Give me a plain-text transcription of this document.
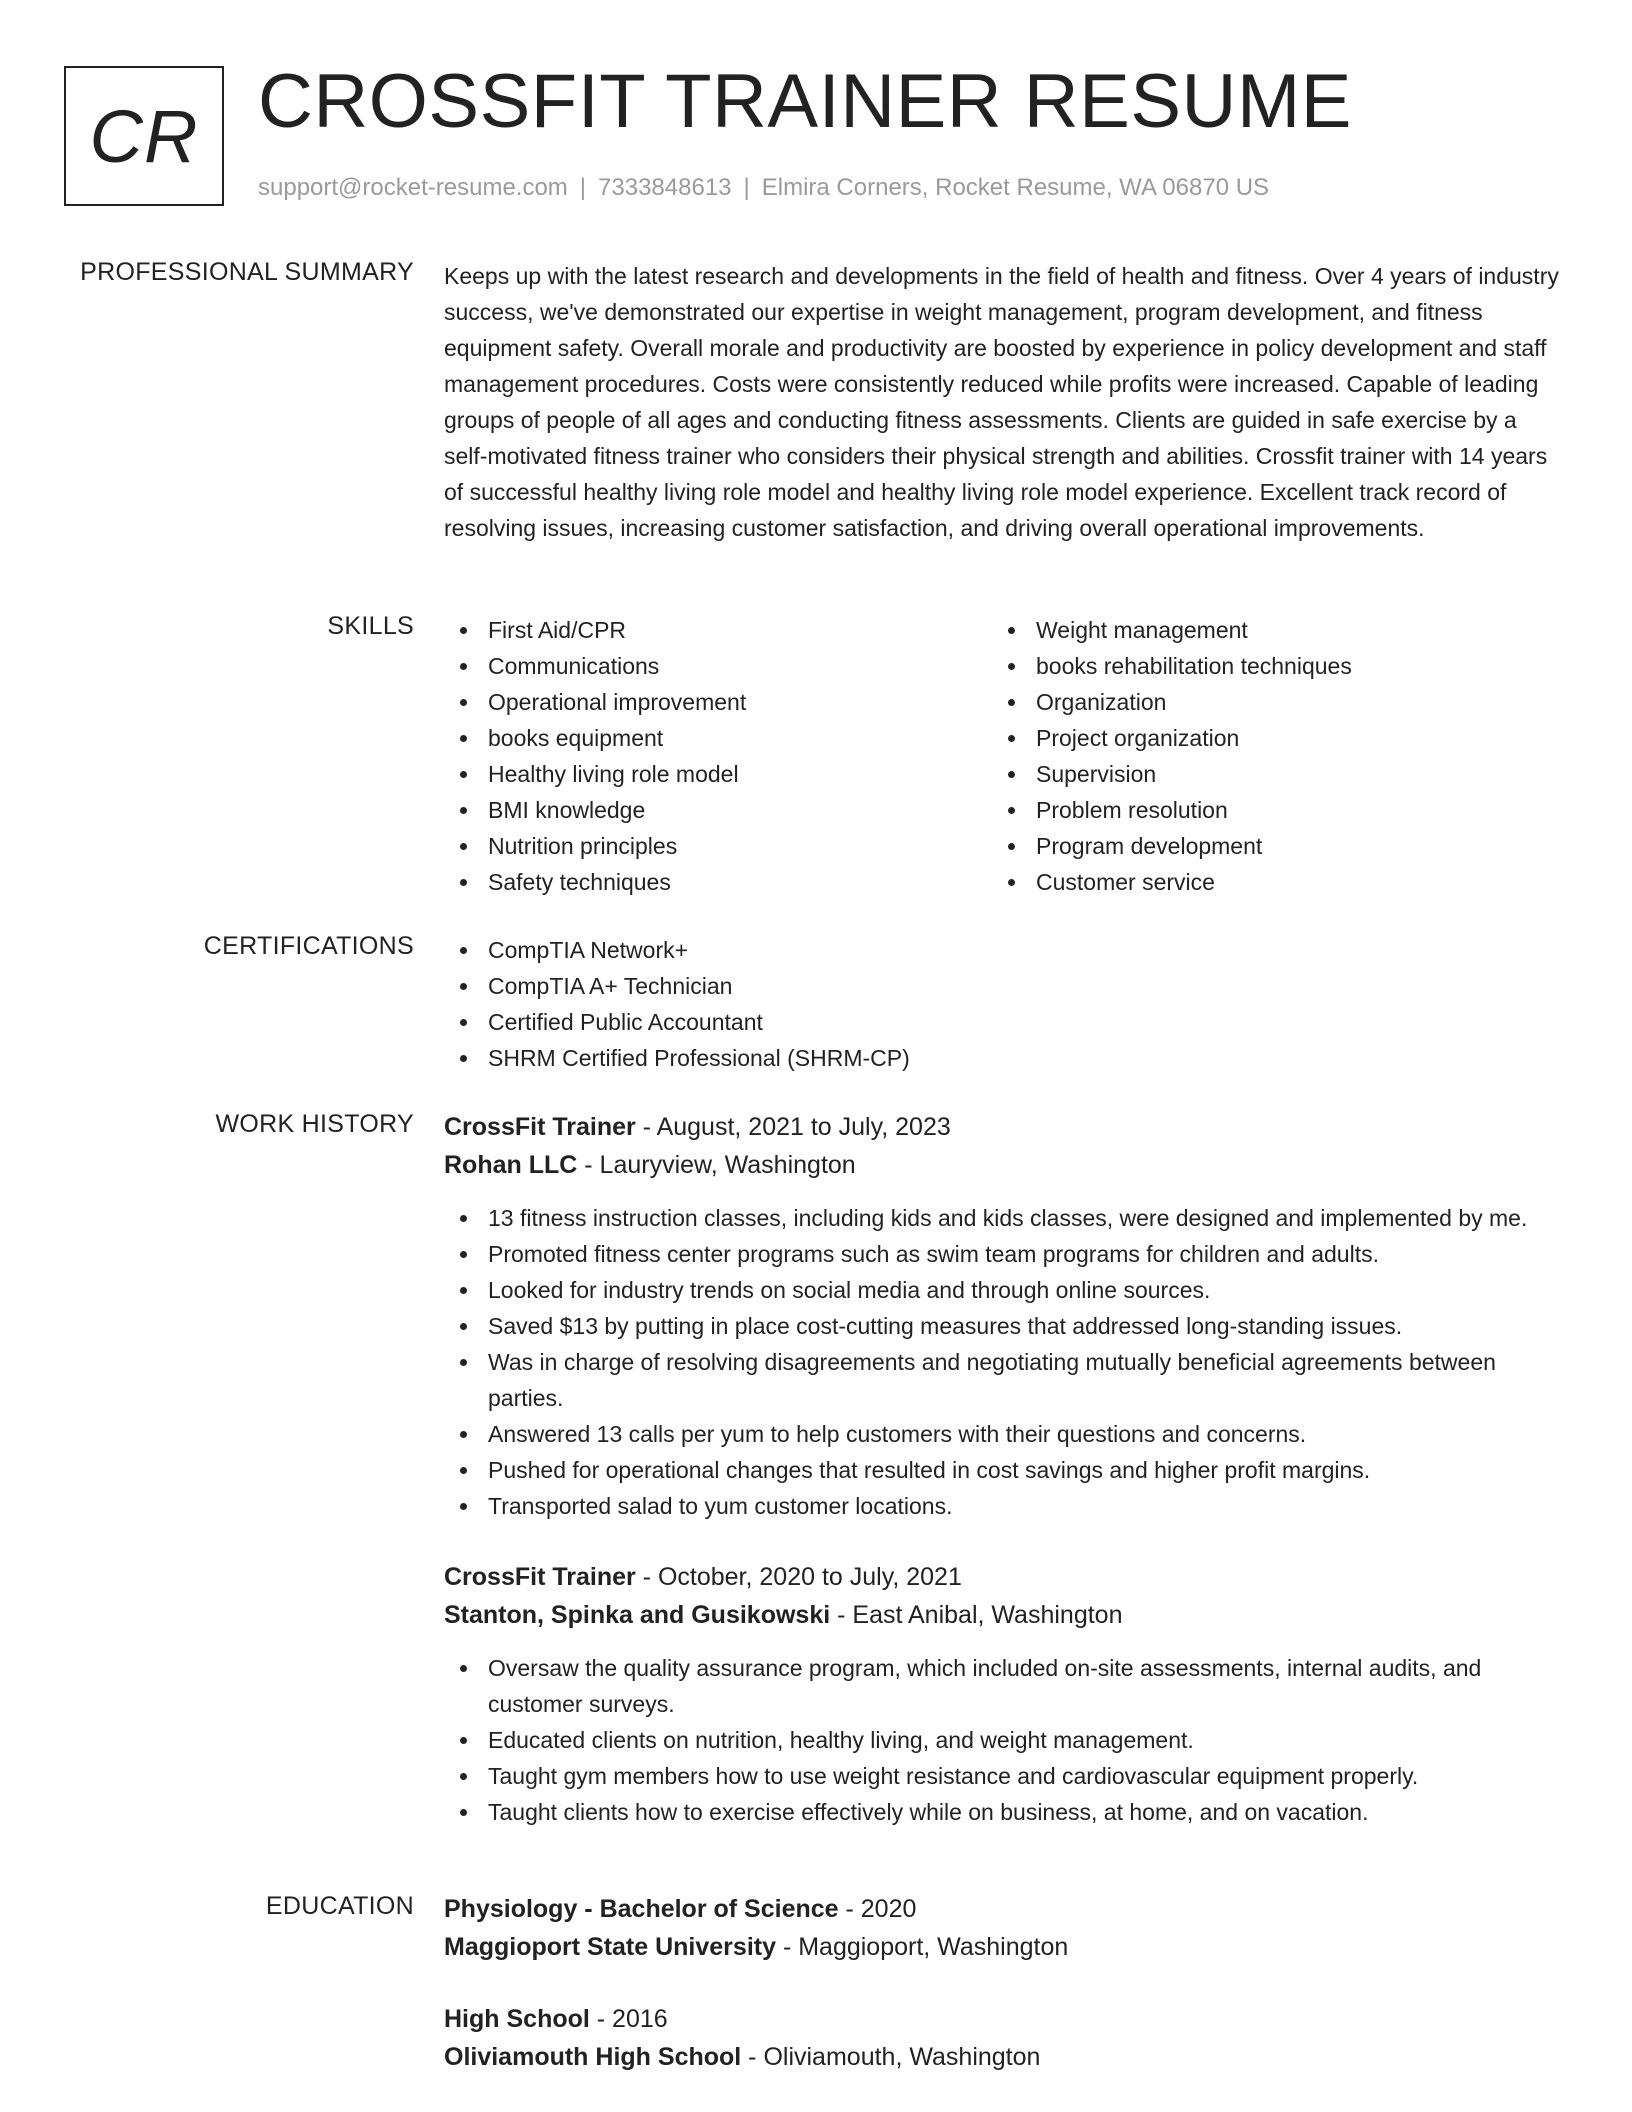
CR CROSSFIT TRAINER RESUME
support@rocket-resume.com | 7333848613 | Elmira Corners, Rocket Resume, WA 06870 US
PROFESSIONAL SUMMARY Keeps up with the latest research and developments in the field of health and fitness. Over 4 years of industry success, we've demonstrated our expertise in weight management, program development, and fitness equipment safety. Overall morale and productivity are boosted by experience in policy development and staff management procedures. Costs were consistently reduced while profits were increased. Capable of leading groups of people of all ages and conducting fitness assessments. Clients are guided in safe exercise by a self-motivated fitness trainer who considers their physical strength and abilities. Crossfit trainer with 14 years of successful healthy living role model and healthy living role model experience. Excellent track record of resolving issues, increasing customer satisfaction, and driving overall operational improvements.

SKILLS	First Aid/CPR
Communications
Operational improvement
books equipment
Healthy living role model
BMI knowledge
Nutrition principles
Safety techniques
Weight management
books rehabilitation techniques
Organization
Project organization
Supervision
Problem resolution
Program development
Customer service
CERTIFICATIONS	CompTIA Network+
CompTIA A+ Technician
Certified Public Accountant
SHRM Certified Professional (SHRM-CP)
WORK HISTORY CrossFit Trainer - August, 2021 to July, 2023
Rohan LLC - Lauryview, Washington
13 fitness instruction classes, including kids and kids classes, were designed and implemented by me.
Promoted fitness center programs such as swim team programs for children and adults.
Looked for industry trends on social media and through online sources.
Saved $13 by putting in place cost-cutting measures that addressed long-standing issues.
Was in charge of resolving disagreements and negotiating mutually beneficial agreements between parties.
Answered 13 calls per yum to help customers with their questions and concerns.
Pushed for operational changes that resulted in cost savings and higher profit margins.
Transported salad to yum customer locations.
CrossFit Trainer - October, 2020 to July, 2021
Stanton, Spinka and Gusikowski - East Anibal, Washington
Oversaw the quality assurance program, which included on-site assessments, internal audits, and customer surveys.
Educated clients on nutrition, healthy living, and weight management.
Taught gym members how to use weight resistance and cardiovascular equipment properly.
Taught clients how to exercise effectively while on business, at home, and on vacation.
EDUCATION Physiology - Bachelor of Science - 2020
Maggioport State University - Maggioport, Washington
High School - 2016
Oliviamouth High School - Oliviamouth, Washington
